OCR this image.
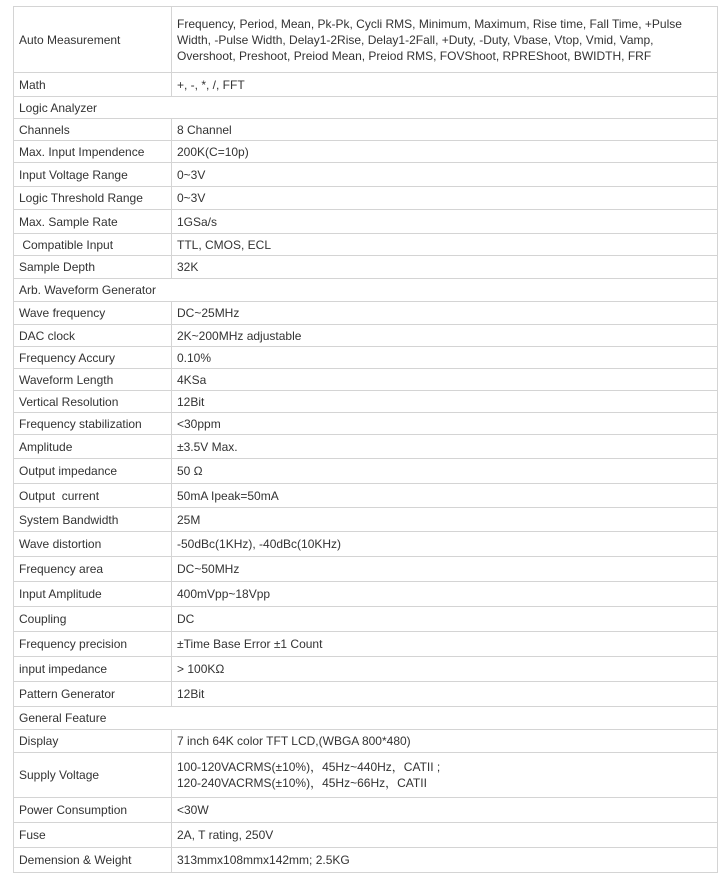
Auto Measurement	Frequency, Period, Mean, Pk-Pk, Cycli RMS, Minimum, Maximum, Rise time, Fall Time, +Pulse Width, -Pulse Width, Delay1-2Rise, Delay1-2Fall, +Duty, -Duty, Vbase, Vtop, Vmid, Vamp, Overshoot, Preshoot, Preiod Mean, Preiod RMS, FOVShoot, RPREShoot, BWIDTH, FRF

Math	+, -, *, /, FFT

Logic Analyzer	
Channels	8 Channel

Max. Input Impendence	200K(C=10p)

Input Voltage Range	0~3V

Logic Threshold Range	0~3V

Max. Sample Rate	1GSa/s

Compatible Input	TTL, CMOS, ECL

Sample Depth	32K

Arb. Waveform Generator	
Wave frequency	DC~25MHz

DAC clock	2K~200MHz adjustable

Frequency Accury	0.10%

Waveform Length	4KSa

Vertical Resolution	12Bit

Frequency stabilization	<30ppm

Amplitude	±3.5V Max.

Output impedance	50 Ω

Output  current	50mA Ipeak=50mA

System Bandwidth	25M

Wave distortion	-50dBc(1KHz), -40dBc(10KHz)

Frequency area	DC~50MHz

Input Amplitude	400mVpp~18Vpp

Coupling	DC

Frequency precision	±Time Base Error ±1 Count

input impedance	> 100KΩ

Pattern Generator	12Bit

General Feature	
Display	7 inch 64K color TFT LCD,(WBGA 800*480)

Supply Voltage	100-120VACRMS(±10%)，45Hz~440Hz，CATII ;
120-240VACRMS(±10%)，45Hz~66Hz，CATII

Power Consumption	<30W

Fuse	2A, T rating, 250V

Demension & Weight	313mmx108mmx142mm; 2.5KG
